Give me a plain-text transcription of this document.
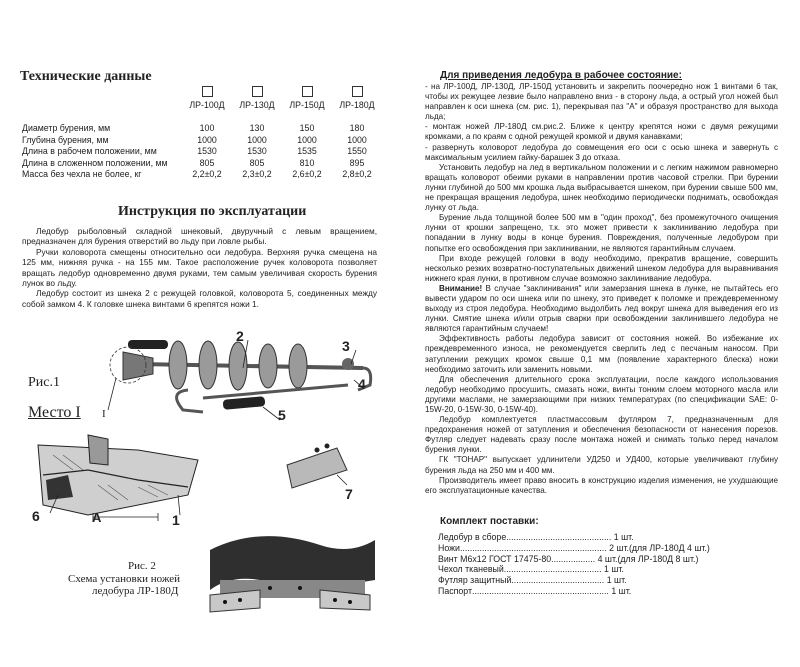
Технические данные

	ЛР-100Д	ЛР-130Д	ЛР-150Д	ЛР-180Д

Диаметр бурения, мм	100	130	150	180
Глубина бурения, мм	1000	1000	1000	1000
Длина в рабочем положении, мм	1530	1530	1535	1550
Длина в сложенном положении, мм	805	805	810	895
Масса без чехла не более, кг	2,2±0,2	2,3±0,2	2,6±0,2	2,8±0,2
Инструкция по эксплуатации
Ледобур рыболовный складной шнековый, двуручный с левым вращением, предназначен для бурения отверстий во льду при ловле рыбы.
Ручки коловорота смещены относительно оси ледобура. Верхняя ручка смещена на 125 мм, нижняя ручка - на 155 мм. Такое расположение ручек коловорота позволяет вращать ледобур одновременно двумя руками, тем самым увеличивая скорость бурения лунок во льду.
Ледобур состоит из шнека 2 с режущей головкой, коловорота 5, соединенных между собой замком 4. К головке шнека винтами 6 крепятся ножи 1.
3
4
5
2
I
Рис.1
Место I
А
6	1
7
Рис. 2
Схема установки ножей
ледобура ЛР-180Д
Для приведения ледобура в рабочее состояние:
- на ЛР-100Д, ЛР-130Д, ЛР-150Д установить и закрепить поочередно нож 1 винтами 6 так, чтобы их режущее лезвие было направлено вниз - в сторону льда, а острый угол ножей был направлен к оси шнека (см. рис. 1), перекрывая паз "А" и образуя пространство для выхода льда;
- монтаж ножей ЛР-180Д см.рис.2. Ближе к центру крепятся ножи с двумя режущими кромками, а по краям с одной режущей кромкой и двумя канавками;
- развернуть коловорот ледобура до совмещения его оси с осью шнека и завернуть с максимальным усилием гайку-барашек 3 до отказа.
Установить ледобур на лед в вертикальном положении и с легким нажимом равномерно вращать коловорот обеими руками в направлении против часовой стрелки. При бурении лунки глубиной до 500 мм крошка льда выбрасывается шнеком, при бурении свыше 500 мм, не прекращая вращения ледобура, шнек необходимо периодически поднимать, освобождая лунку от льда.
Бурение льда толщиной более 500 мм в "один проход", без промежуточного очищения лунки от крошки запрещено, т.к. это может привести к заклиниванию ледобура при попадании в лунку воды в конце бурения. Повреждения, полученные ледобуром при попытке его освобождения при заклинивании, не являются гарантийным случаем.
При входе режущей головки в воду необходимо, прекратив вращение, совершить несколько резких возвратно-поступательных движений шнеком ледобура для выравнивания нижнего края лунки, в противном случае возможно заклинивание ледобура.
Внимание! В случае "заклинивания" или замерзания шнека в лунке, не пытайтесь его вывести ударом по оси шнека или по шнеку, это приведет к поломке и преждевременному выходу из строя ледобура. Необходимо выдолбить лед вокруг шнека для выведения его из лунки. Смятие шнека и/или отрыв сварки при освобождении заклинившего ледобура не являются гарантийным случаем!
Эффективность работы ледобура зависит от состояния ножей. Во избежание их преждевременного износа, не рекомендуется сверлить лед с песчаным наносом. При затуплении режущих кромок свыше 0,1 мм (появление характерного блеска) ножи необходимо заточить или заменить новыми.
Для обеспечения длительного срока эксплуатации, после каждого использования ледобур необходимо просушить, смазать ножи, винты тонким слоем моторного масла или другими маслами, не замерзающими при низких температурах (по спецификации SAE: 0-15W-20, 0-15W-30, 0-15W-40).
Ледобур комплектуется пластмассовым футляром 7, предназначенным для предохранения ножей от затупления и обеспечения безопасности от нанесения порезов. Футляр следует надевать сразу после монтажа ножей и снимать только перед началом бурения лунки.
ГК "ТОНАР" выпускает удлинители УД250 и УД400, которые увеличивают глубину бурения льда на 250 мм и 400 мм.
Производитель имеет право вносить в конструкцию изделия изменения, не ухудшающие его эксплуатационные качества.
Комплект поставки:
Ледобур в сборе ...........................................
1 шт.
Ножи ............................................................
2 шт. (для ЛР-180Д 4 шт.)
Винт М6х12 ГОСТ 17475-80 ..................
4 шт. (для ЛР-180Д 8 шт.)
Чехол тканевый ........................................
1 шт.
Футляр защитный ......................................
1 шт.
Паспорт ........................................................
1 шт.
